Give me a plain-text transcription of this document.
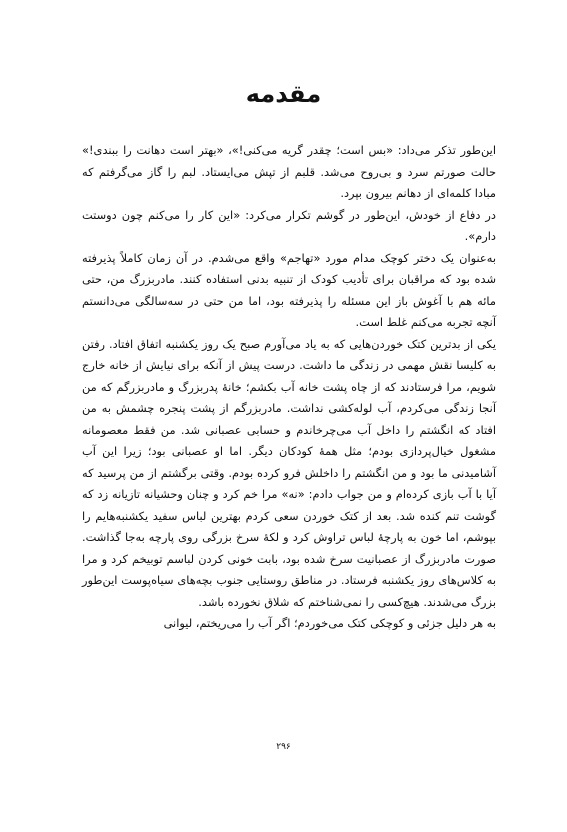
مقدمه

این‌طور تذکر می‌داد: «بس است؛ چقدر گریه می‌کنی!»، «بهتر است دهانت را ببندی!» حالت صورتم سرد و بی‌روح می‌شد. قلبم از تپش می‌ایستاد. لبم را گاز می‌گرفتم که مبادا کلمه‌ای از دهانم بیرون بپرد.

در دفاع از خودش، این‌طور در گوشم تکرار می‌کرد: «این کار را می‌کنم چون دوستت دارم».

به‌عنوان یک دختر کوچک مدام مورد «تهاجم» واقع می‌شدم. در آن زمان کاملاً پذیرفته شده بود که مراقبان برای تأدیب کودک از تنبیه بدنی استفاده کنند. مادربزرگ من، حتی مائه هم با آغوش باز این مسئله را پذیرفته بود، اما من حتی در سه‌سالگی می‌دانستم آنچه تجربه می‌کنم غلط است.

یکی از بدترین کتک خوردن‌هایی که به یاد می‌آورم صبح یک روز یکشنبه اتفاق افتاد. رفتن به کلیسا نقش مهمی در زندگی ما داشت. درست پیش از آنکه برای نیایش از خانه خارج شویم، مرا فرستادند که از چاه پشت خانه آب بکشم؛ خانهٔ پدربزرگ و مادربزرگم که من آنجا زندگی می‌کردم، آب لوله‌کشی نداشت. مادربزرگم از پشت پنجره چشمش به من افتاد که انگشتم را داخل آب می‌چرخاندم و حسابی عصبانی شد. من فقط معصومانه مشغول خیال‌پردازی بودم؛ مثل همهٔ کودکان دیگر. اما او عصبانی بود؛ زیرا این آب آشامیدنی ما بود و من انگشتم را داخلش فرو کرده بودم. وقتی برگشتم از من پرسید که آیا با آب بازی کرده‌ام و من جواب دادم: «نه» مرا خم کرد و چنان وحشیانه تازیانه زد که گوشت تنم کنده شد. بعد از کتک خوردن سعی کردم بهترین لباس سفید یکشنبه‌هایم را بپوشم، اما خون به پارچهٔ لباس تراوش کرد و لکهٔ سرخ بزرگی روی پارچه به‌جا گذاشت. صورت مادربزرگ از عصبانیت سرخ شده بود، بابت خونی کردن لباسم توبیخم کرد و مرا به کلاس‌های روز یکشنبه فرستاد. در مناطق روستایی جنوب بچه‌های سیاه‌پوست این‌طور بزرگ می‌شدند. هیچ‌کسی را نمی‌شناختم که شلاق نخورده باشد.

به هر دلیل جزئی و کوچکی کتک می‌خوردم؛ اگر آب را می‌ریختم، لیوانی

۲۹۶
